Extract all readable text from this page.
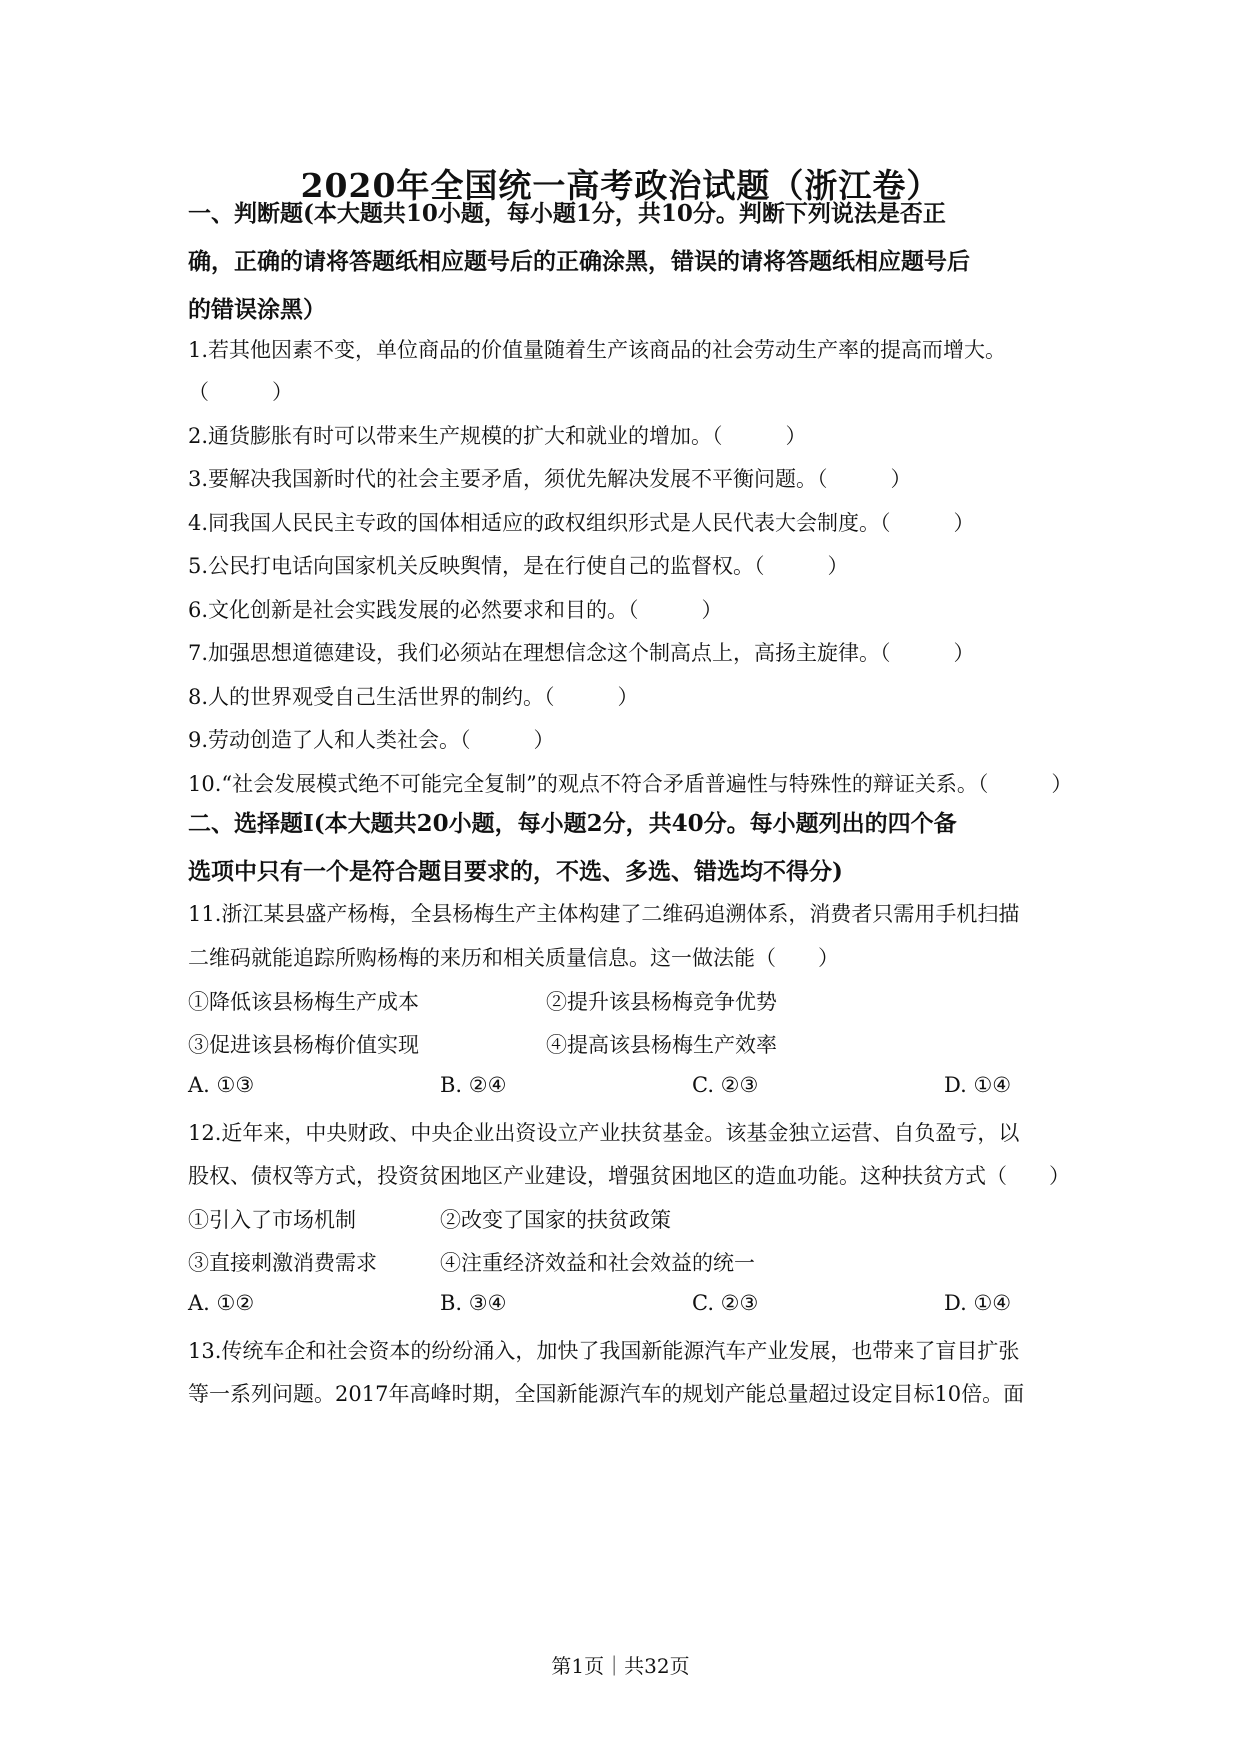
2020年全国统一高考政治试题（浙江卷）
一、判断题(本大题共10小题，每小题1分，共10分。判断下列说法是否正
确，正确的请将答题纸相应题号后的正确涂黑，错误的请将答题纸相应题号后
的错误涂黑）
1.若其他因素不变，单位商品的价值量随着生产该商品的社会劳动生产率的提高而增大。
（　　　）
2.通货膨胀有时可以带来生产规模的扩大和就业的增加。（　　　）
3.要解决我国新时代的社会主要矛盾，须优先解决发展不平衡问题。（　　　）
4.同我国人民民主专政的国体相适应的政权组织形式是人民代表大会制度。（　　　）
5.公民打电话向国家机关反映舆情，是在行使自己的监督权。（　　　）
6.文化创新是社会实践发展的必然要求和目的。（　　　）
7.加强思想道德建设，我们必须站在理想信念这个制高点上，高扬主旋律。（　　　）
8.人的世界观受自己生活世界的制约。（　　　）
9.劳动创造了人和人类社会。（　　　）
10.“社会发展模式绝不可能完全复制”的观点不符合矛盾普遍性与特殊性的辩证关系。（　　　）
二、选择题Ⅰ(本大题共20小题，每小题2分，共40分。每小题列出的四个备
选项中只有一个是符合题目要求的，不选、多选、错选均不得分)
11.浙江某县盛产杨梅，全县杨梅生产主体构建了二维码追溯体系，消费者只需用手机扫描
二维码就能追踪所购杨梅的来历和相关质量信息。这一做法能（　　）
①降低该县杨梅生产成本	②提升该县杨梅竞争优势
③促进该县杨梅价值实现	④提高该县杨梅生产效率
A. ①③	B. ②④	C. ②③	D. ①④
12.近年来，中央财政、中央企业出资设立产业扶贫基金。该基金独立运营、自负盈亏，以
股权、债权等方式，投资贫困地区产业建设，增强贫困地区的造血功能。这种扶贫方式（　　）
①引入了市场机制	②改变了国家的扶贫政策
③直接刺激消费需求	④注重经济效益和社会效益的统一
A. ①②	B. ③④	C. ②③	D. ①④
13.传统车企和社会资本的纷纷涌入，加快了我国新能源汽车产业发展，也带来了盲目扩张
等一系列问题。2017年高峰时期，全国新能源汽车的规划产能总量超过设定目标10倍。面
第1页｜共32页
